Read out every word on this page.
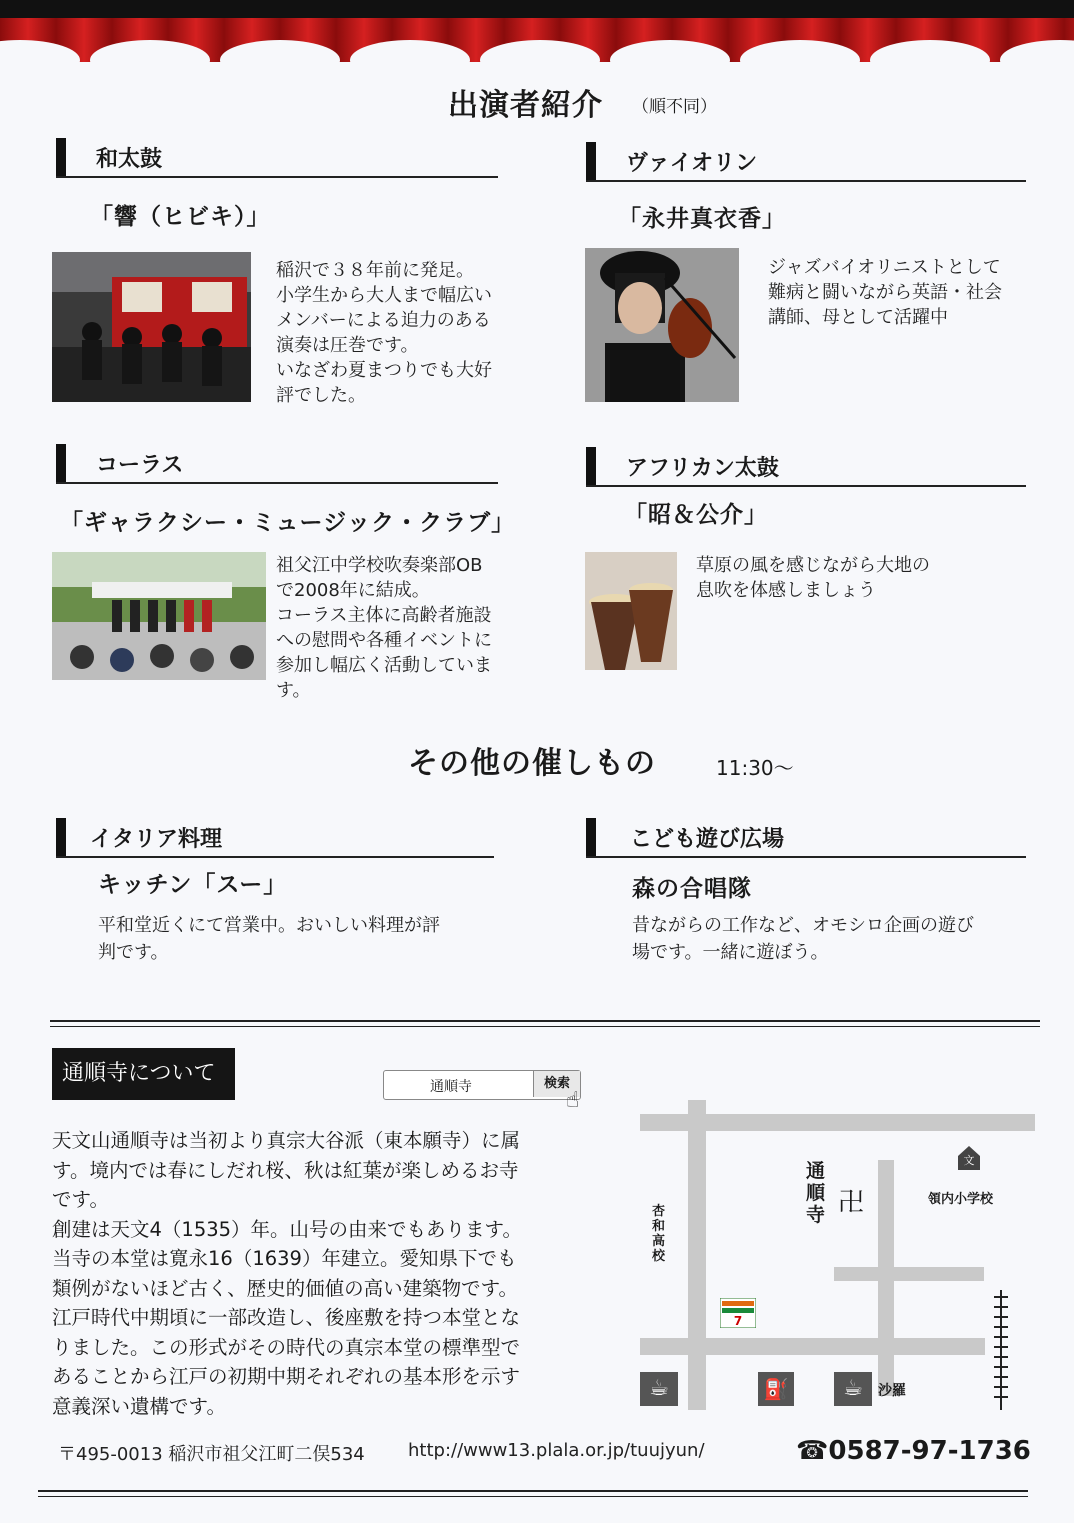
出演者紹介 （順不同）
和太鼓
「響（ヒビキ）」
稲沢で３８年前に発足。
小学生から大人まで幅広い
メンバーによる迫力のある
演奏は圧巻です。
いなざわ夏まつりでも大好
評でした。
ヴァイオリン
「永井真衣香」
ジャズバイオリニストとして
難病と闘いながら英語・社会
講師、母として活躍中
コーラス
「ギャラクシー・ミュージック・クラブ」
祖父江中学校吹奏楽部OB
で2008年に結成。
コーラス主体に高齢者施設
への慰問や各種イベントに
参加し幅広く活動していま
す。
アフリカン太鼓
「昭＆公介」
草原の風を感じながら大地の
息吹を体感しましょう
その他の催しもの	11:30〜
イタリア料理
キッチン「スー」
平和堂近くにて営業中。おいしい料理が評
判です。
こども遊び広場
森の合唱隊
昔ながらの工作など、オモシロ企画の遊び
場です。一緒に遊ぼう。
通順寺について
通順寺	検索
☝
天文山通順寺は当初より真宗大谷派（東本願寺）に属
す。境内では春にしだれ桜、秋は紅葉が楽しめるお寺
です。
創建は天文4（1535）年。山号の由来でもあります。
当寺の本堂は寛永16（1639）年建立。愛知県下でも
類例がないほど古く、歴史的価値の高い建築物です。
江戸時代中期頃に一部改造し、後座敷を持つ本堂とな
りました。この形式がその時代の真宗本堂の標準型で
あることから江戸の初期中期それぞれの基本形を示す
意義深い遺構です。
通順寺 卍
杏和高校
文
領内小学校
7
☕	⛽	☕	沙羅
〒495-0013 稲沢市祖父江町二俣534 http://www13.plala.or.jp/tuujyun/	☎0587-97-1736
